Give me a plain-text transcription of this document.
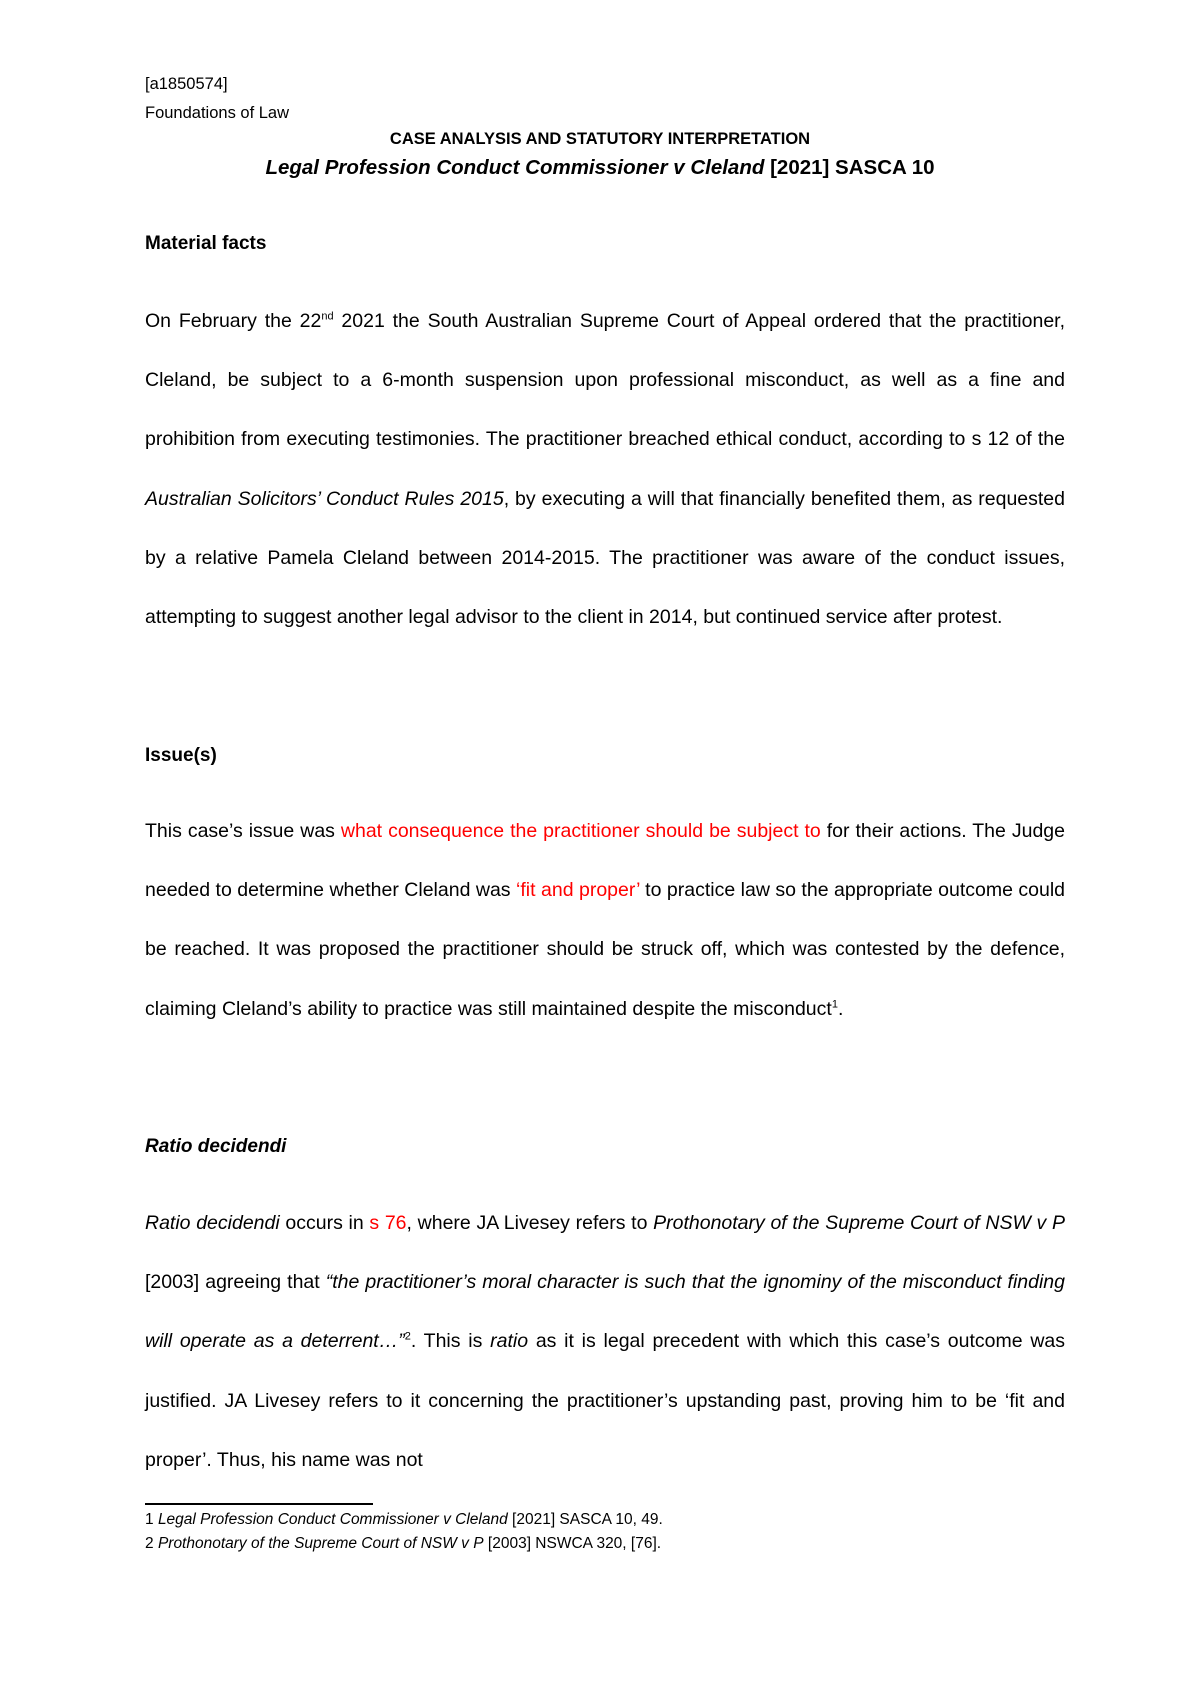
[a1850574]
Foundations of Law
CASE ANALYSIS AND STATUTORY INTERPRETATION
Legal Profession Conduct Commissioner v Cleland [2021] SASCA 10
Material facts
On February the 22nd 2021 the South Australian Supreme Court of Appeal ordered that the practitioner, Cleland, be subject to a 6-month suspension upon professional misconduct, as well as a fine and prohibition from executing testimonies. The practitioner breached ethical conduct, according to s 12 of the Australian Solicitors’ Conduct Rules 2015, by executing a will that financially benefited them, as requested by a relative Pamela Cleland between 2014-2015. The practitioner was aware of the conduct issues, attempting to suggest another legal advisor to the client in 2014, but continued service after protest.
Issue(s)
This case’s issue was what consequence the practitioner should be subject to for their actions. The Judge needed to determine whether Cleland was ‘fit and proper’ to practice law so the appropriate outcome could be reached. It was proposed the practitioner should be struck off, which was contested by the defence, claiming Cleland’s ability to practice was still maintained despite the misconduct$^1$.
Ratio decidendi
Ratio decidendi occurs in s 76, where JA Livesey refers to Prothonotary of the Supreme Court of NSW v P [2003] agreeing that “the practitioner’s moral character is such that the ignominy of the misconduct finding will operate as a deterrent…”$^2$. This is ratio as it is legal precedent with which this case’s outcome was justified. JA Livesey refers to it concerning the practitioner’s upstanding past, proving him to be ‘fit and proper’. Thus, his name was not
1 Legal Profession Conduct Commissioner v Cleland [2021] SASCA 10, 49.
2 Prothonotary of the Supreme Court of NSW v P [2003] NSWCA 320, [76].
